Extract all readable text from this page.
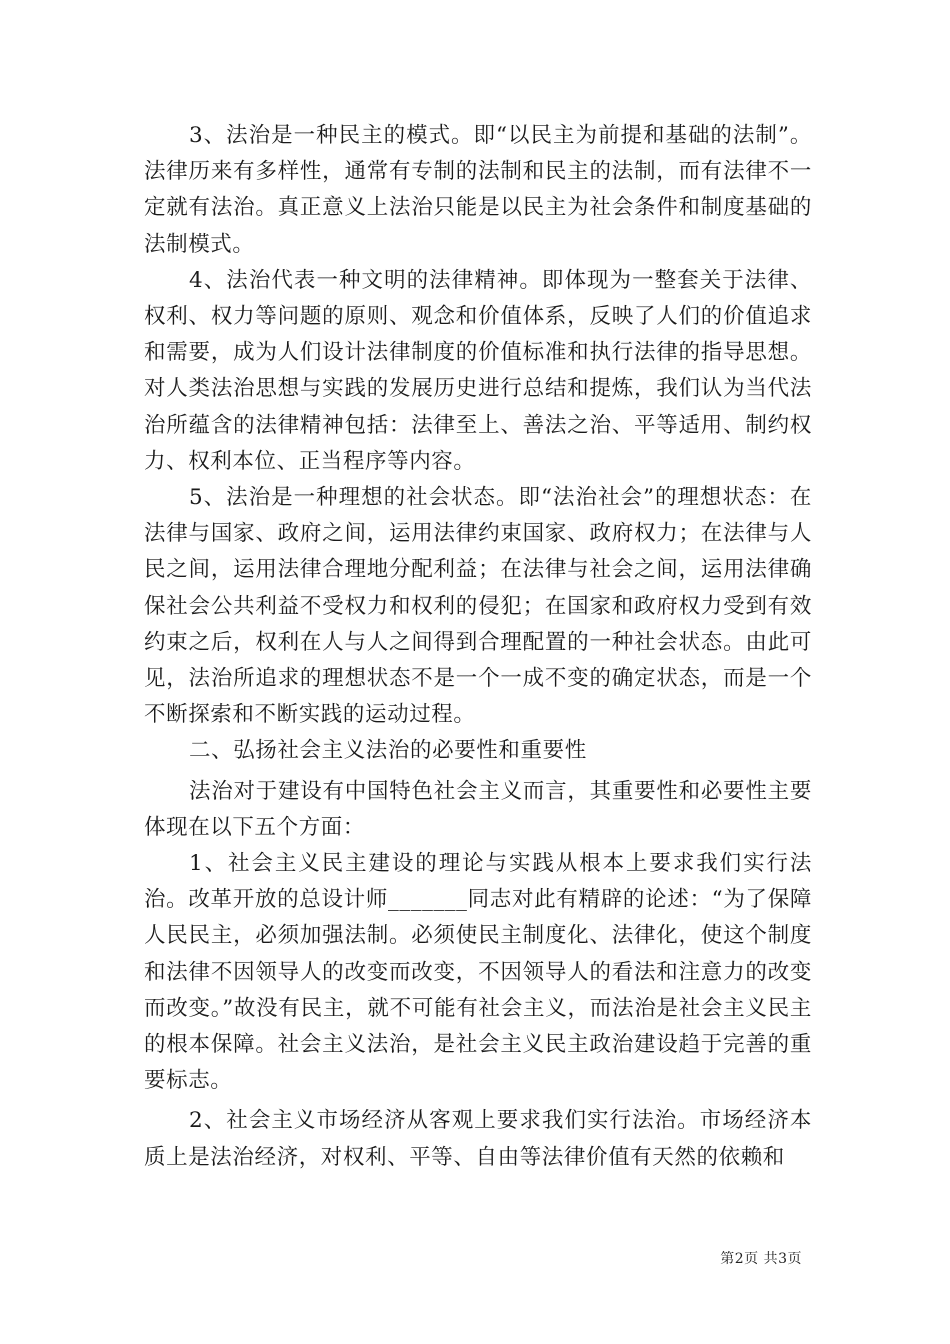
3、法治是一种民主的模式。即“以民主为前提和基础的法制”。法律历来有多样性，通常有专制的法制和民主的法制，而有法律不一定就有法治。真正意义上法治只能是以民主为社会条件和制度基础的法制模式。

4、法治代表一种文明的法律精神。即体现为一整套关于法律、权利、权力等问题的原则、观念和价值体系，反映了人们的价值追求和需要，成为人们设计法律制度的价值标准和执行法律的指导思想。对人类法治思想与实践的发展历史进行总结和提炼，我们认为当代法治所蕴含的法律精神包括：法律至上、善法之治、平等适用、制约权力、权利本位、正当程序等内容。

5、法治是一种理想的社会状态。即“法治社会”的理想状态：在法律与国家、政府之间，运用法律约束国家、政府权力；在法律与人民之间，运用法律合理地分配利益；在法律与社会之间，运用法律确保社会公共利益不受权力和权利的侵犯；在国家和政府权力受到有效约束之后，权利在人与人之间得到合理配置的一种社会状态。由此可见，法治所追求的理想状态不是一个一成不变的确定状态，而是一个不断探索和不断实践的运动过程。

二、弘扬社会主义法治的必要性和重要性

法治对于建设有中国特色社会主义而言，其重要性和必要性主要体现在以下五个方面：

1、社会主义民主建设的理论与实践从根本上要求我们实行法治。改革开放的总设计师_______同志对此有精辟的论述：“为了保障人民民主，必须加强法制。必须使民主制度化、法律化，使这个制度和法律不因领导人的改变而改变，不因领导人的看法和注意力的改变而改变。”故没有民主，就不可能有社会主义，而法治是社会主义民主的根本保障。社会主义法治，是社会主义民主政治建设趋于完善的重要标志。

2、社会主义市场经济从客观上要求我们实行法治。市场经济本质上是法治经济，对权利、平等、自由等法律价值有天然的依赖和

第2页 共3页
